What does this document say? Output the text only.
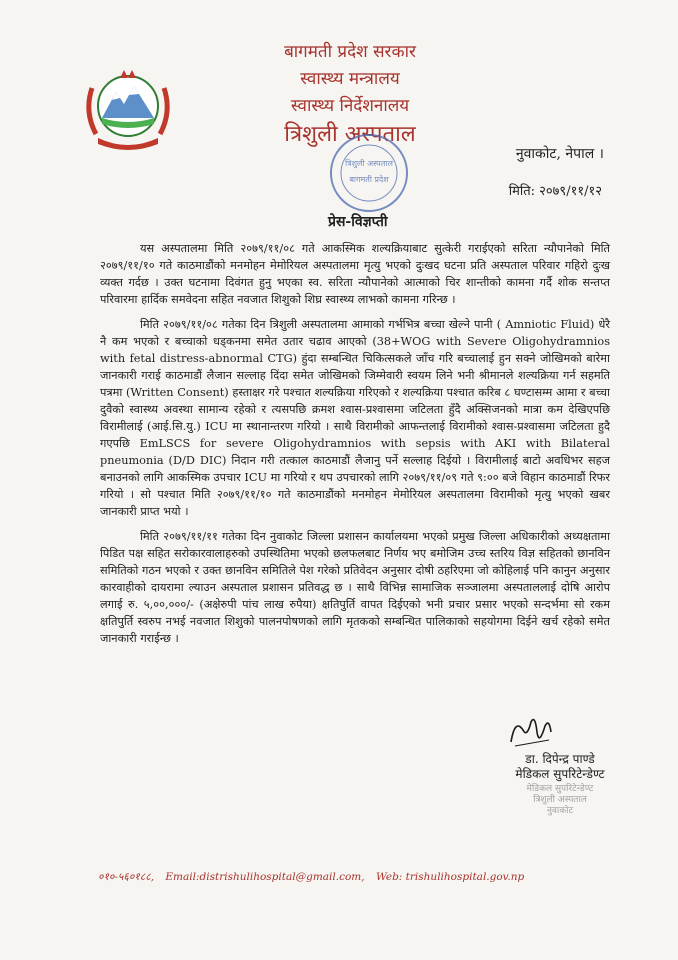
बागमती प्रदेश सरकार
स्वास्थ्य मन्त्रालय
स्वास्थ्य निर्देशनालय
त्रिशुली अस्पताल
त्रिशुली अस्पताल
बागमती प्रदेश
नुवाकोट, नेपाल ।
मिति: २०७९/११/१२
प्रेस-विज्ञप्ती

यस अस्पतालमा मिति २०७९/११/०८ गते आकस्मिक शल्यक्रियाबाट सुत्केरी गराईएको सरिता न्यौपानेको मिति २०७९/११/१० गते काठमाडौंको मनमोहन मेमोरियल अस्पतालमा मृत्यु भएको दुःखद घटना प्रति अस्पताल परिवार गहिरो दुःख व्यक्त गर्दछ । उक्त घटनामा दिवंगत हुनु भएका स्व. सरिता न्यौपानेको आत्माको चिर शान्तीको कामना गर्दै शोक सन्तप्त परिवारमा हार्दिक समवेदना सहित नवजात शिशुको शिघ्र स्वास्थ्य लाभको कामना गरिन्छ ।

मिति २०७९/११/०८ गतेका दिन त्रिशुली अस्पतालमा आमाको गर्भभित्र बच्चा खेल्ने पानी ( Amniotic Fluid) धेरै नै कम भएको र बच्चाको धड्कनमा समेत उतार चढाव आएको (38+WOG with Severe Oligohydramnios with fetal distress-abnormal CTG) हुंदा सम्बन्धित चिकित्सकले जाँच गरि बच्चालाई हुन सक्ने जोखिमको बारेमा जानकारी गराई काठमाडौं लैजान सल्लाह दिंदा समेत जोखिमको जिम्मेवारी स्वयम लिने भनी श्रीमानले शल्यक्रिया गर्न सहमति पत्रमा (Written Consent) हस्ताक्षर गरे पश्चात शल्यक्रिया गरिएको र शल्यक्रिया पश्चात करिब ८ घण्टासम्म आमा र बच्चा दुवैको स्वास्थ्य अवस्था सामान्य रहेको र त्यसपछि क्रमश श्वास-प्रश्वासमा जटिलता हुँदै अक्सिजनको मात्रा कम देखिएपछि विरामीलाई (आई.सि.यु.) ICU मा स्थानान्तरण गरियो । साथै विरामीको आफन्तलाई विरामीको श्वास-प्रश्वासमा जटिलता हुदै गएपछि EmLSCS for severe Oligohydramnios with sepsis with AKI with Bilateral pneumonia (D/D DIC) निदान गरी तत्काल काठमाडौं लैजानु पर्ने सल्लाह दिईयो । विरामीलाई बाटो अवधिभर सहज बनाउनको लागि आकस्मिक उपचार ICU मा गरियो र थप उपचारको लागि २०७९/११/०९ गते ९:०० बजे विहान काठमाडौं रिफर गरियो । सो पश्चात मिति २०७९/११/१० गते काठमाडौंको मनमोहन मेमोरियल अस्पतालमा विरामीको मृत्यु भएको खबर जानकारी प्राप्त भयो ।

मिति २०७९/११/११ गतेका दिन नुवाकोट जिल्ला प्रशासन कार्यालयमा भएको प्रमुख जिल्ला अधिकारीको अध्यक्षतामा पिडित पक्ष सहित सरोकारवालाहरुको उपस्थितिमा भएको छलफलबाट निर्णय भए बमोजिम उच्च स्तरिय विज्ञ सहितको छानविन समितिको गठन भएको र उक्त छानविन समितिले पेश गरेको प्रतिवेदन अनुसार दोषी ठहरिएमा जो कोहिलाई पनि कानुन अनुसार कारवाहीको दायरामा ल्याउन अस्पताल प्रशासन प्रतिवद्ध छ । साथै विभिन्न सामाजिक सञ्जालमा अस्पताललाई दोषि आरोप लगाई रु. ५,००,०००/- (अक्षेरुपी पांच लाख रुपैया) क्षतिपुर्ति वापत दिईएको भनी प्रचार प्रसार भएको सन्दर्भमा सो रकम क्षतिपुर्ति स्वरुप नभई नवजात शिशुको पालनपोषणको लागि मृतकको सम्बन्धित पालिकाको सहयोगमा दिईने खर्च रहेको समेत जानकारी गराईन्छ ।

डा. दिपेन्द्र पाण्डे
मेडिकल सुपरिटेन्डेण्ट
मेडिकल सुपरिटेन्डेण्ट
त्रिशुली अस्पताल
नुवाकोट
०१०-५६०१८८, Email:distrishulihospital@gmail.com, Web: trishulihospital.gov.np
